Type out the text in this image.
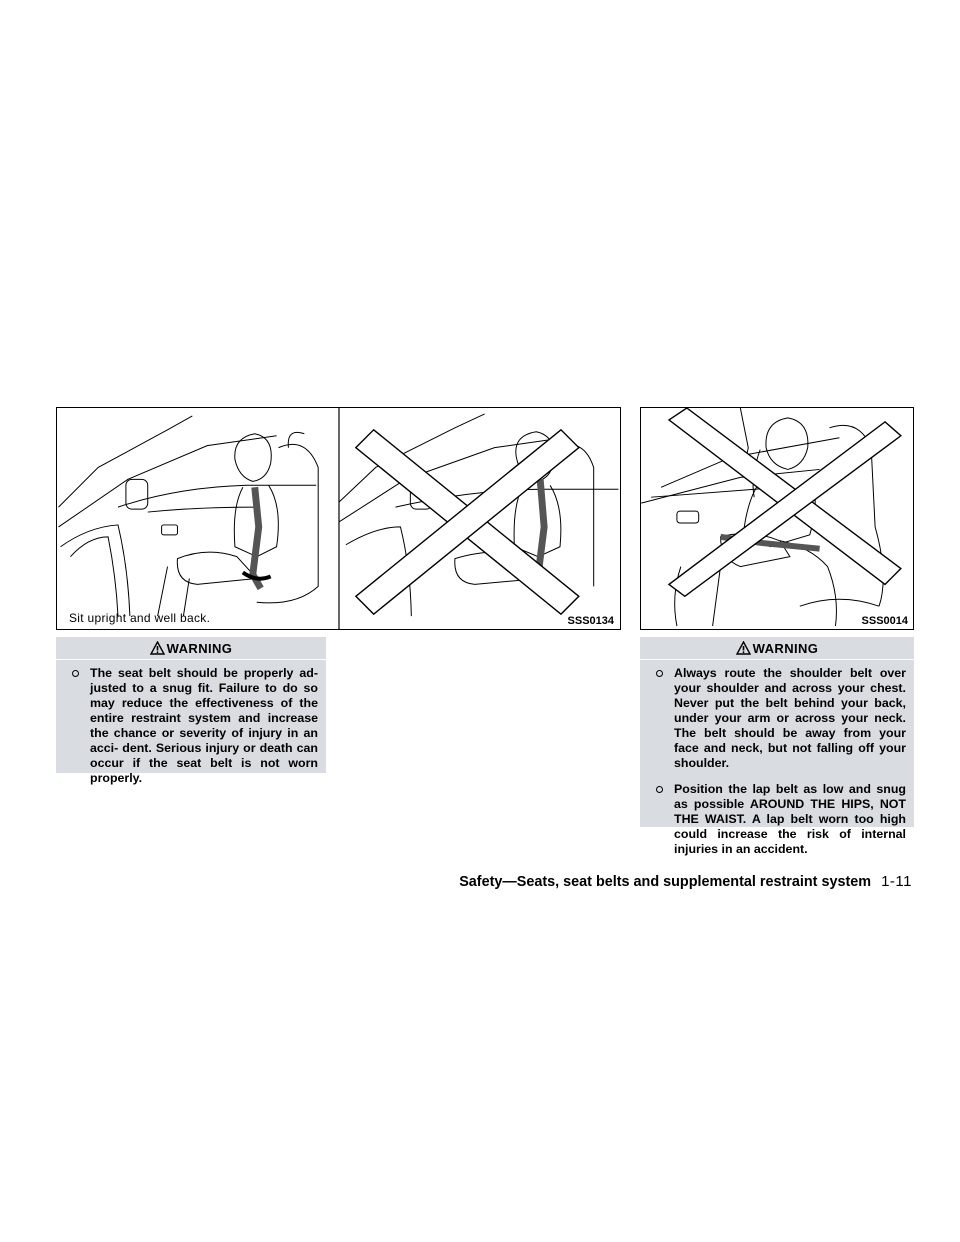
Sit upright and well back.	SSS0134	SSS0014
WARNING
The seat belt should be properly ad- justed to a snug fit. Failure to do so may reduce the effectiveness of the entire restraint system and increase the chance or severity of injury in an acci- dent. Serious injury or death can occur if the seat belt is not worn properly.
WARNING
Always route the shoulder belt over your shoulder and across your chest. Never put the belt behind your back, under your arm or across your neck. The belt should be away from your face and neck, but not falling off your shoulder.
Position the lap belt as low and snug as possible AROUND THE HIPS, NOT THE WAIST. A lap belt worn too high could increase the risk of internal injuries in an accident.
Safety—Seats, seat belts and supplemental restraint system 1-11
